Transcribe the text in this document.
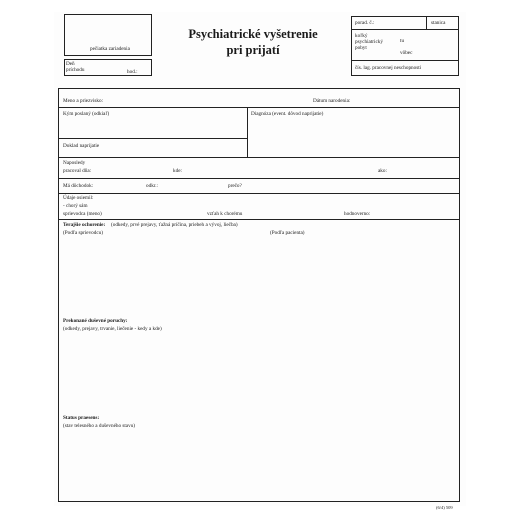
pečiatka zariadenia
Deň príchodu	hod.:
Psychiatrické vyšetrenie
pri prijatí
porad. č.:	stanica
koľký psychiatrický pobyt
tu
vôbec
čís. lag. pracovnej neschopnosti
Meno a priezvisko:	Dátum narodenia:
Kým poslaný (odkiaľ)	Diagnóza (event. dôvod naprijatie)
Doklad naprijatie
Naposledy
pracoval dňa:	kde:	ako:
Má dôchodok:	odkr.:	prečo?
Údaje osiemil:
- chorý sám
sprievodca (meno)	vzťah k chorému	hodnoverno:
Terajšie ochorenie: (odkedy, prvé prejavy, ťažná príčina, priebeh a vývoj, liečba)
(Podľa sprievodcu)	(Podľa pacienta)
Prekonané duševné poruchy:
(odkedy, prejavy, trvanie, liečenie - kedy a kde)
Status praesens:
(stav telesného a duševného stavu)
(6/4) 509
